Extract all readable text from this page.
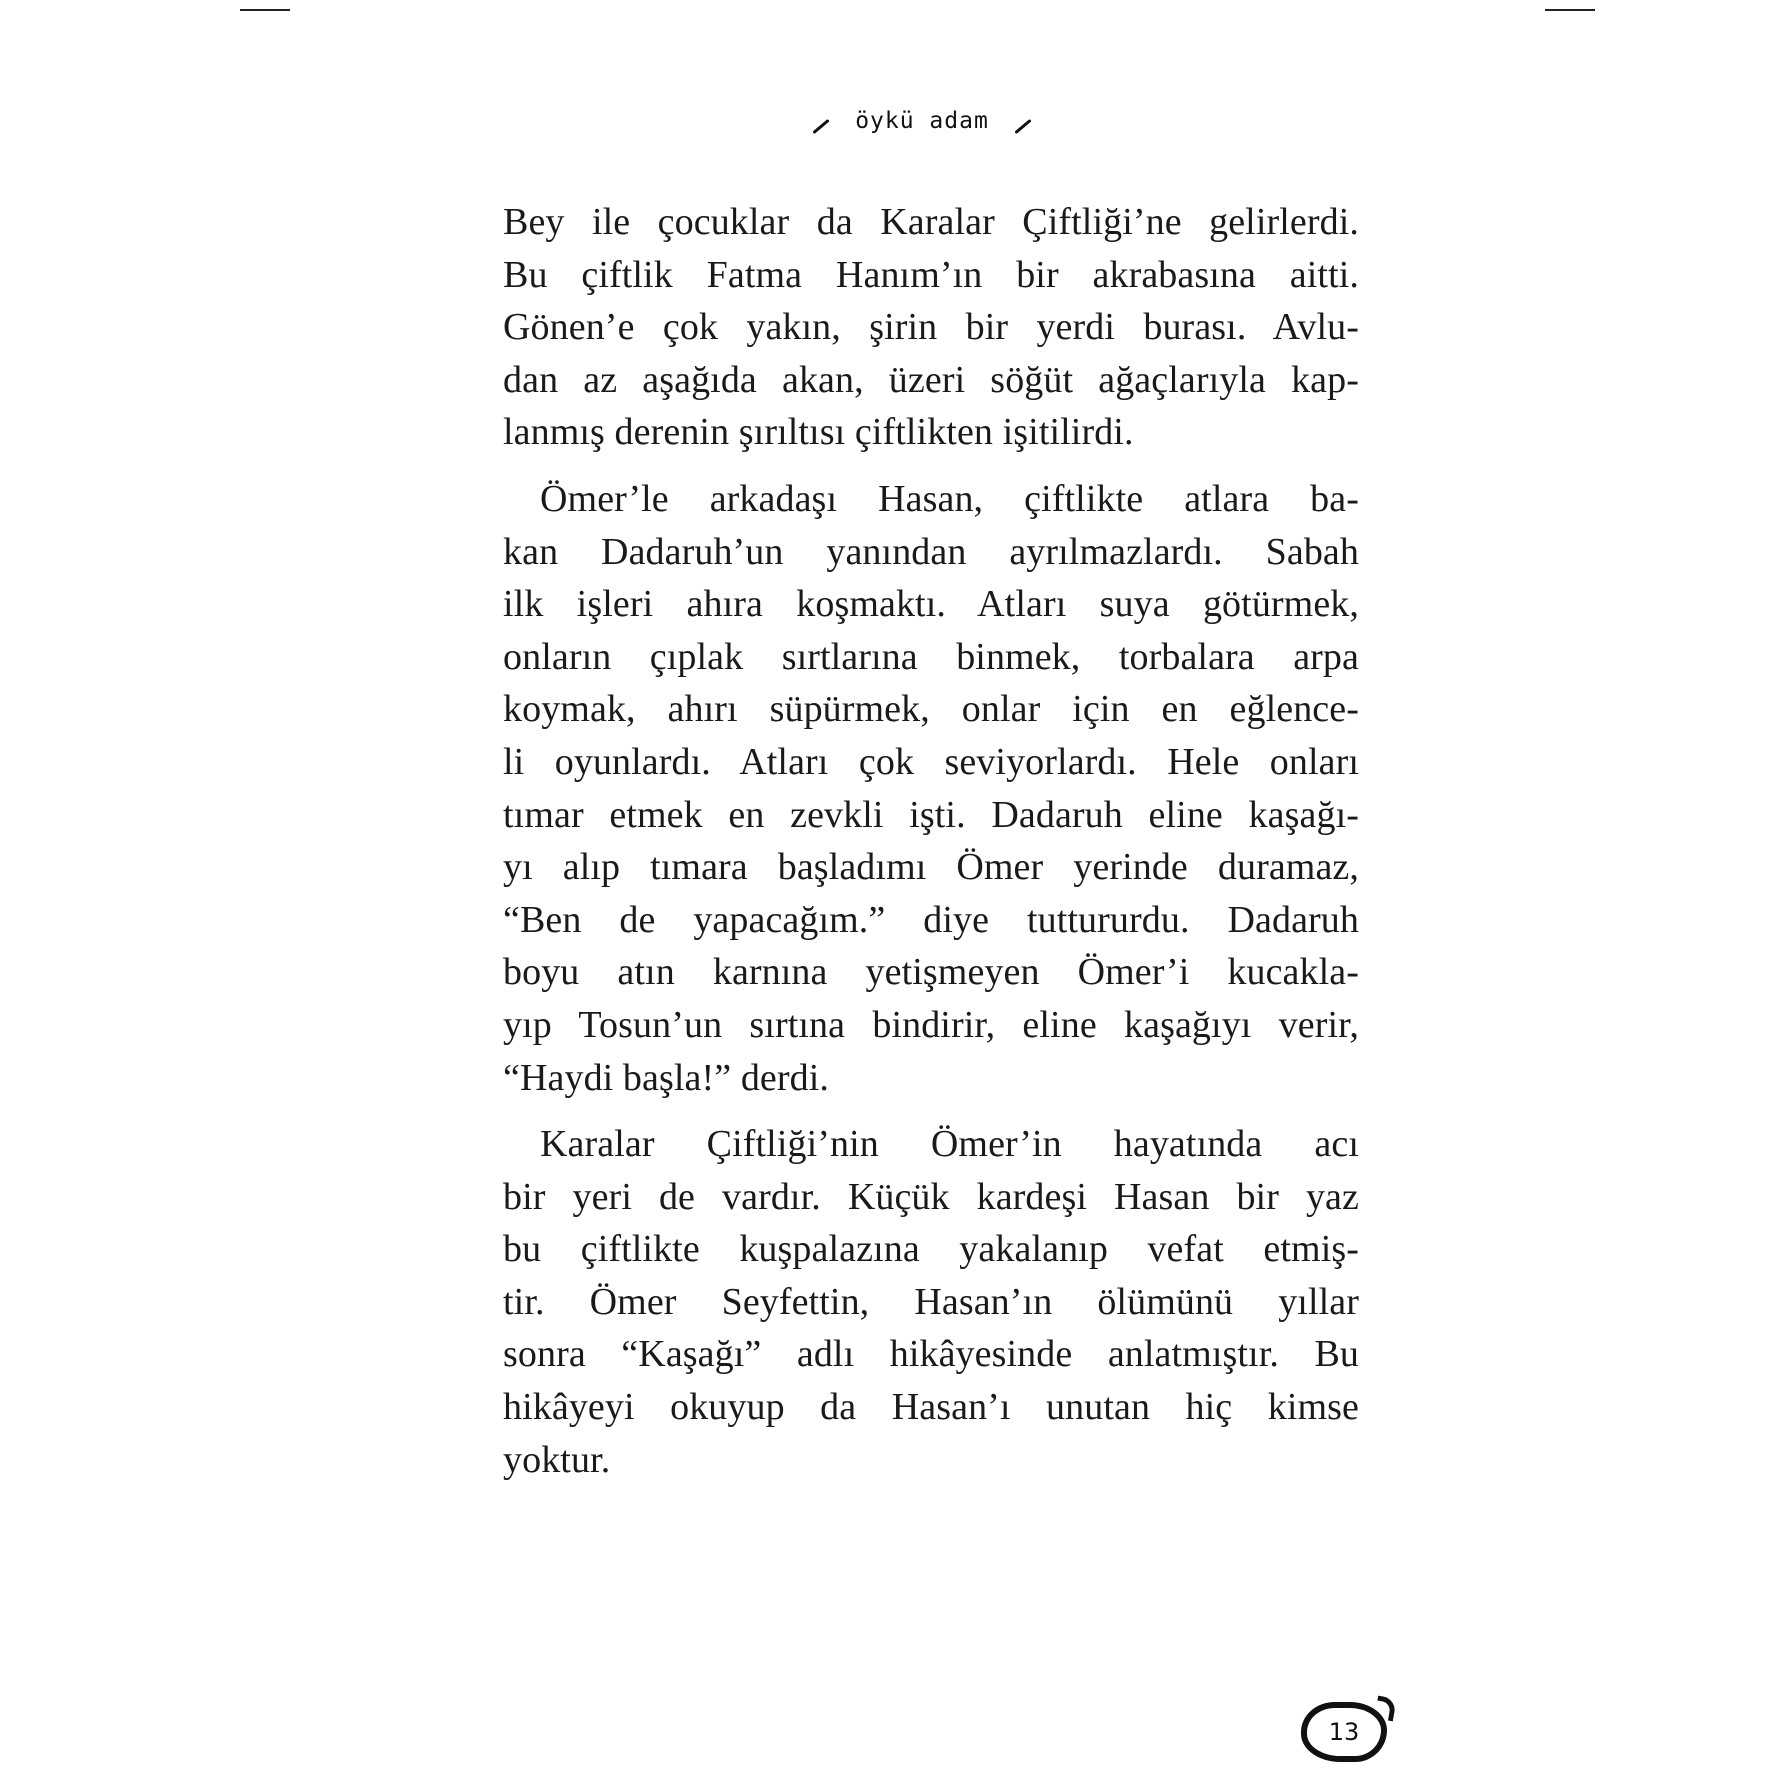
öykü adam
Bey ile çocuklar da Karalar Çiftliği’ne gelirlerdi.
Bu çiftlik Fatma Hanım’ın bir akrabasına aitti.
Gönen’e çok yakın, şirin bir yerdi burası. Avlu-
dan az aşağıda akan, üzeri söğüt ağaçlarıyla kap-
lanmış derenin şırıltısı çiftlikten işitilirdi.
Ömer’le arkadaşı Hasan, çiftlikte atlara ba-
kan Dadaruh’un yanından ayrılmazlardı. Sabah
ilk işleri ahıra koşmaktı. Atları suya götürmek,
onların çıplak sırtlarına binmek, torbalara arpa
koymak, ahırı süpürmek, onlar için en eğlence-
li oyunlardı. Atları çok seviyorlardı. Hele onları
tımar etmek en zevkli işti. Dadaruh eline kaşağı-
yı alıp tımara başladımı Ömer yerinde duramaz,
“Ben de yapacağım.” diye tuttururdu. Dadaruh
boyu atın karnına yetişmeyen Ömer’i kucakla-
yıp Tosun’un sırtına bindirir, eline kaşağıyı verir,
“Haydi başla!” derdi.
Karalar Çiftliği’nin Ömer’in hayatında acı
bir yeri de vardır. Küçük kardeşi Hasan bir yaz
bu çiftlikte kuşpalazına yakalanıp vefat etmiş-
tir. Ömer Seyfettin, Hasan’ın ölümünü yıllar
sonra “Kaşağı” adlı hikâyesinde anlatmıştır. Bu
hikâyeyi okuyup da Hasan’ı unutan hiç kimse
yoktur.
13
